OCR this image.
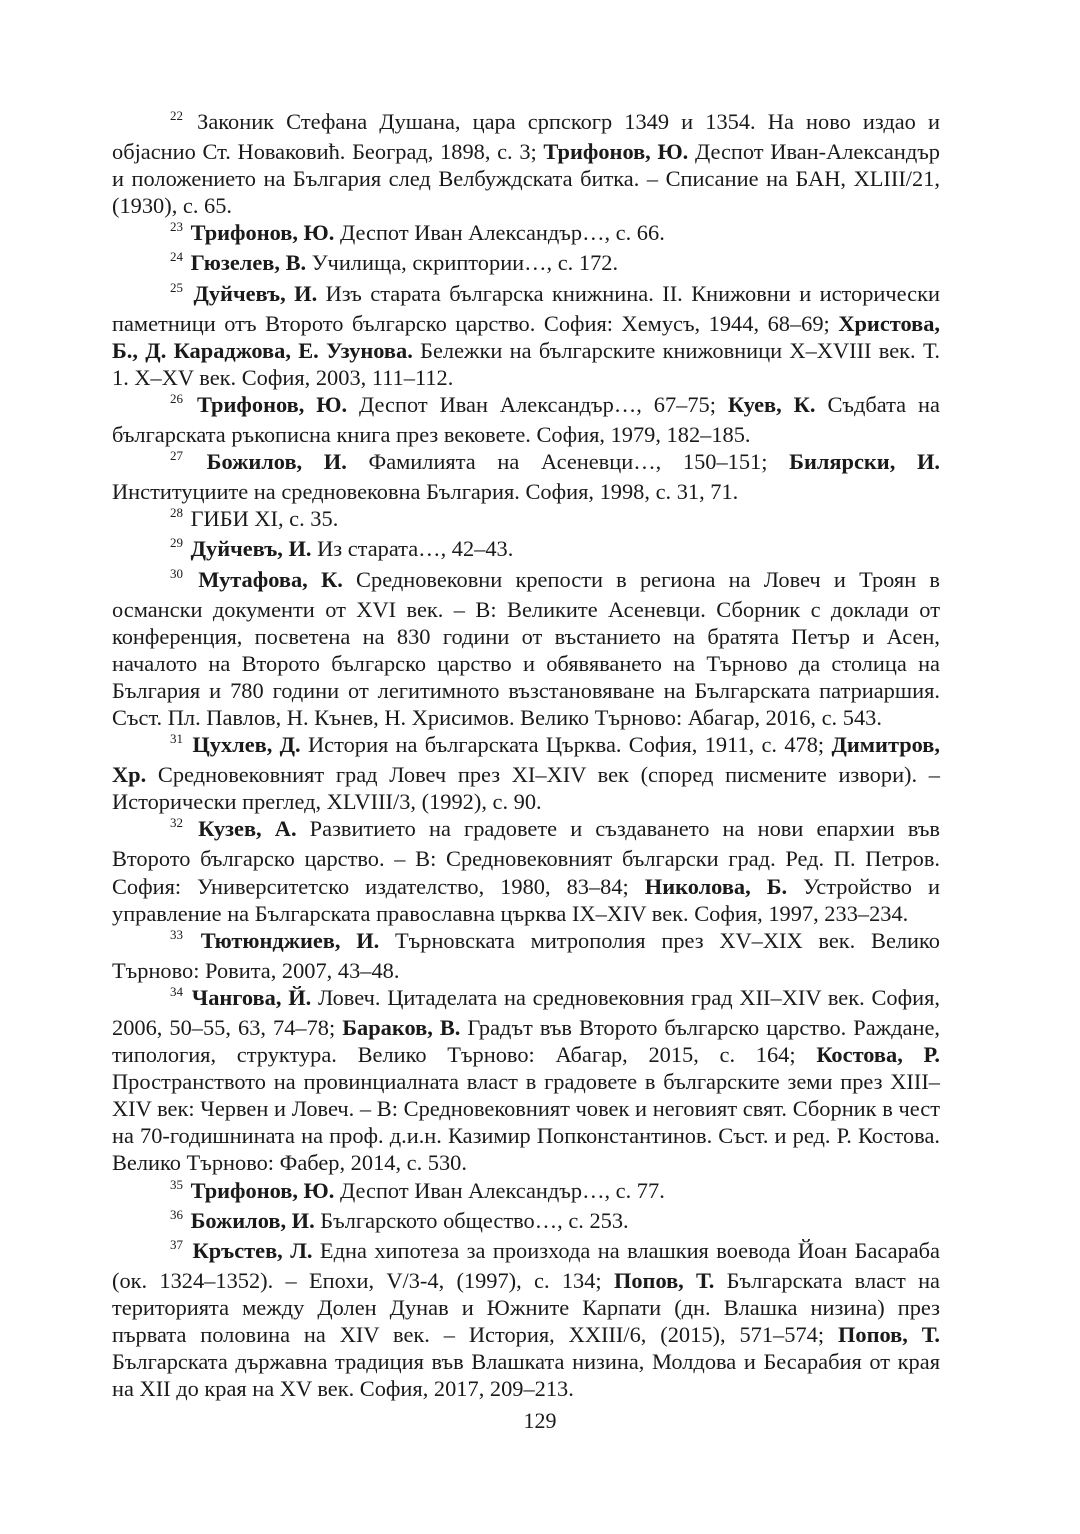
$^{22}$ Законик Стефана Душана, цара српскогр 1349 и 1354. На ново издао и објаснио Ст. Новаковић. Београд, 1898, с. 3; Трифонов, Ю. Деспот Иван-Александър и положението на България след Велбуждската битка. – Списание на БАН, XLIII/21, (1930), с. 65.

$^{23}$ Трифонов, Ю. Деспот Иван Александър…, с. 66.

$^{24}$ Гюзелев, В. Училища, скриптории…, с. 172.

$^{25}$ Дуйчевъ, И. Изъ старата българска книжнина. II. Книжовни и исторически паметници отъ Второто българско царство. София: Хемусъ, 1944, 68–69; Христова, Б., Д. Караджова, Е. Узунова. Бележки на българските книжовници X–XVIII век. Т. 1. X–XV век. София, 2003, 111–112.

$^{26}$ Трифонов, Ю. Деспот Иван Александър…, 67–75; Куев, К. Съдбата на българската ръкописна книга през вековете. София, 1979, 182–185.

$^{27}$ Божилов, И. Фамилията на Асеневци…, 150–151; Билярски, И. Институциите на средновековна България. София, 1998, с. 31, 71.

$^{28}$ ГИБИ XI, с. 35.

$^{29}$ Дуйчевъ, И. Из старата…, 42–43.

$^{30}$ Мутафова, К. Средновековни крепости в региона на Ловеч и Троян в османски документи от XVI век. – В: Великите Асеневци. Сборник с доклади от конференция, посветена на 830 години от въстанието на братята Петър и Асен, началото на Второто българско царство и обявяването на Търново да столица на България и 780 години от легитимното възстановяване на Българската патриаршия. Съст. Пл. Павлов, Н. Кънев, Н. Хрисимов. Велико Търново: Абагар, 2016, с. 543.

$^{31}$ Цухлев, Д. История на българската Църква. София, 1911, с. 478; Димитров, Хр. Средновековният град Ловеч през XI–XIV век (според писмените извори). – Исторически преглед, XLVIII/3, (1992), с. 90.

$^{32}$ Кузев, А. Развитието на градовете и създаването на нови епархии във Второто българско царство. – В: Средновековният български град. Ред. П. Петров. София: Университетско издателство, 1980, 83–84; Николова, Б. Устройство и управление на Българската православна църква IX–XIV век. София, 1997, 233–234.

$^{33}$ Тютюнджиев, И. Търновската митрополия през XV–XIX век. Велико Търново: Ровита, 2007, 43–48.

$^{34}$ Чангова, Й. Ловеч. Цитаделата на средновековния град XII–XIV век. София, 2006, 50–55, 63, 74–78; Бараков, В. Градът във Второто българско царство. Раждане, типология, структура. Велико Търново: Абагар, 2015, с. 164; Костова, Р. Пространството на провинциалната власт в градовете в българските земи през XIII–XIV век: Червен и Ловеч. – В: Средновековният човек и неговият свят. Сборник в чест на 70-годишнината на проф. д.и.н. Казимир Попконстантинов. Съст. и ред. Р. Костова. Велико Търново: Фабер, 2014, с. 530.

$^{35}$ Трифонов, Ю. Деспот Иван Александър…, с. 77.

$^{36}$ Божилов, И. Българското общество…, с. 253.

$^{37}$ Кръстев, Л. Една хипотеза за произхода на влашкия воевода Йоан Басараба (ок. 1324–1352). – Епохи, V/3-4, (1997), с. 134; Попов, Т. Българската власт на територията между Долен Дунав и Южните Карпати (дн. Влашка низина) през първата половина на XIV век. – История, XXIII/6, (2015), 571–574; Попов, Т. Българската държавна традиция във Влашката низина, Молдова и Бесарабия от края на XII до края на XV век. София, 2017, 209–213.

129
